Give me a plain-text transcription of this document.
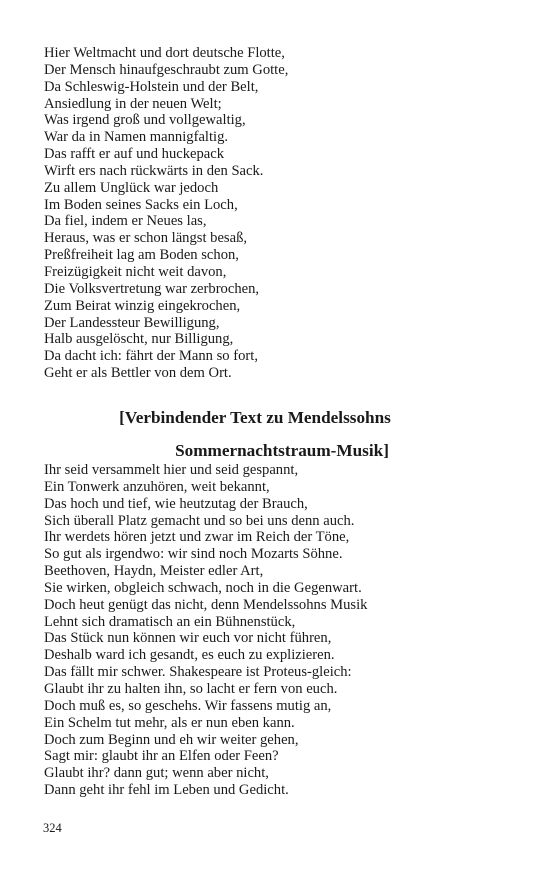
Hier Weltmacht und dort deutsche Flotte,
Der Mensch hinaufgeschraubt zum Gotte,
Da Schleswig-Holstein und der Belt,
Ansiedlung in der neuen Welt;
Was irgend groß und vollgewaltig,
War da in Namen mannigfaltig.
Das rafft er auf und huckepack
Wirft ers nach rückwärts in den Sack.
Zu allem Unglück war jedoch
Im Boden seines Sacks ein Loch,
Da fiel, indem er Neues las,
Heraus, was er schon längst besaß,
Preßfreiheit lag am Boden schon,
Freizügigkeit nicht weit davon,
Die Volksvertretung war zerbrochen,
Zum Beirat winzig eingekrochen,
Der Landessteur Bewilligung,
Halb ausgelöscht, nur Billigung,
Da dacht ich: fährt der Mann so fort,
Geht er als Bettler von dem Ort.
[Verbindender Text zu Mendelssohns
Sommernachtstraum-Musik]
Ihr seid versammelt hier und seid gespannt,
Ein Tonwerk anzuhören, weit bekannt,
Das hoch und tief, wie heutzutag der Brauch,
Sich überall Platz gemacht und so bei uns denn auch.
Ihr werdets hören jetzt und zwar im Reich der Töne,
So gut als irgendwo: wir sind noch Mozarts Söhne.
Beethoven, Haydn, Meister edler Art,
Sie wirken, obgleich schwach, noch in die Gegenwart.
Doch heut genügt das nicht, denn Mendelssohns Musik
Lehnt sich dramatisch an ein Bühnenstück,
Das Stück nun können wir euch vor nicht führen,
Deshalb ward ich gesandt, es euch zu explizieren.
Das fällt mir schwer. Shakespeare ist Proteus-gleich:
Glaubt ihr zu halten ihn, so lacht er fern von euch.
Doch muß es, so geschehs. Wir fassens mutig an,
Ein Schelm tut mehr, als er nun eben kann.
Doch zum Beginn und eh wir weiter gehen,
Sagt mir: glaubt ihr an Elfen oder Feen?
Glaubt ihr? dann gut; wenn aber nicht,
Dann geht ihr fehl im Leben und Gedicht.
324
